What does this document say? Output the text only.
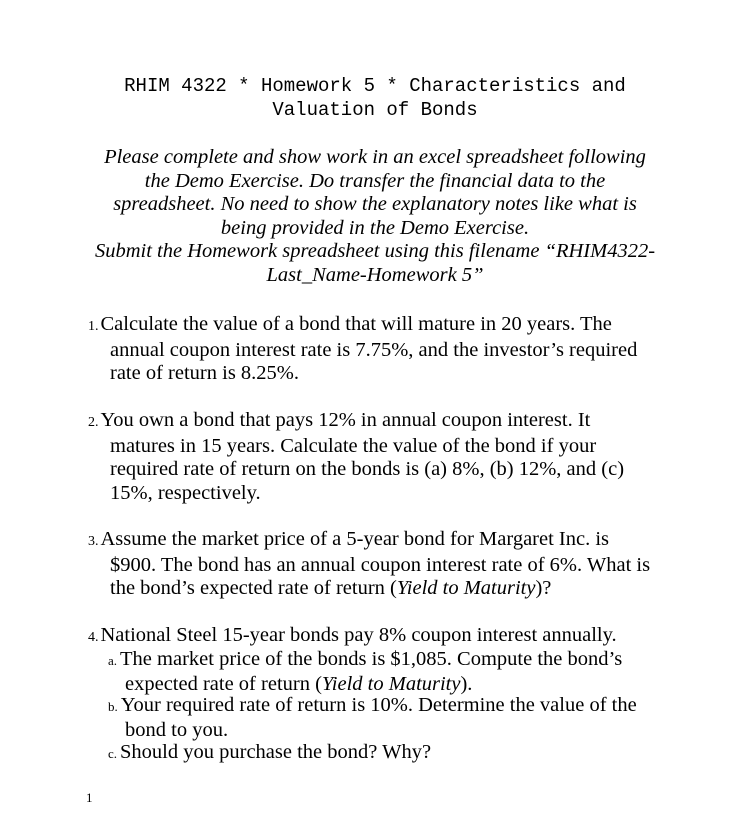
RHIM 4322 * Homework 5 * Characteristics and
Valuation of Bonds
Please complete and show work in an excel spreadsheet following
the Demo Exercise. Do transfer the financial data to the
spreadsheet. No need to show the explanatory notes like what is
being provided in the Demo Exercise.
Submit the Homework spreadsheet using this filename “RHIM4322-
Last_Name-Homework 5”
1.Calculate the value of a bond that will mature in 20 years. The
annual coupon interest rate is 7.75%, and the investor’s required
rate of return is 8.25%.
2.You own a bond that pays 12% in annual coupon interest. It
matures in 15 years. Calculate the value of the bond if your
required rate of return on the bonds is (a) 8%, (b) 12%, and (c)
15%, respectively.
3.Assume the market price of a 5-year bond for Margaret Inc. is
$900. The bond has an annual coupon interest rate of 6%. What is
the bond’s expected rate of return (Yield to Maturity)?
4.National Steel 15-year bonds pay 8% coupon interest annually.
a. The market price of the bonds is $1,085. Compute the bond’s
expected rate of return (Yield to Maturity).
b. Your required rate of return is 10%. Determine the value of the
bond to you.
c. Should you purchase the bond? Why?
1
